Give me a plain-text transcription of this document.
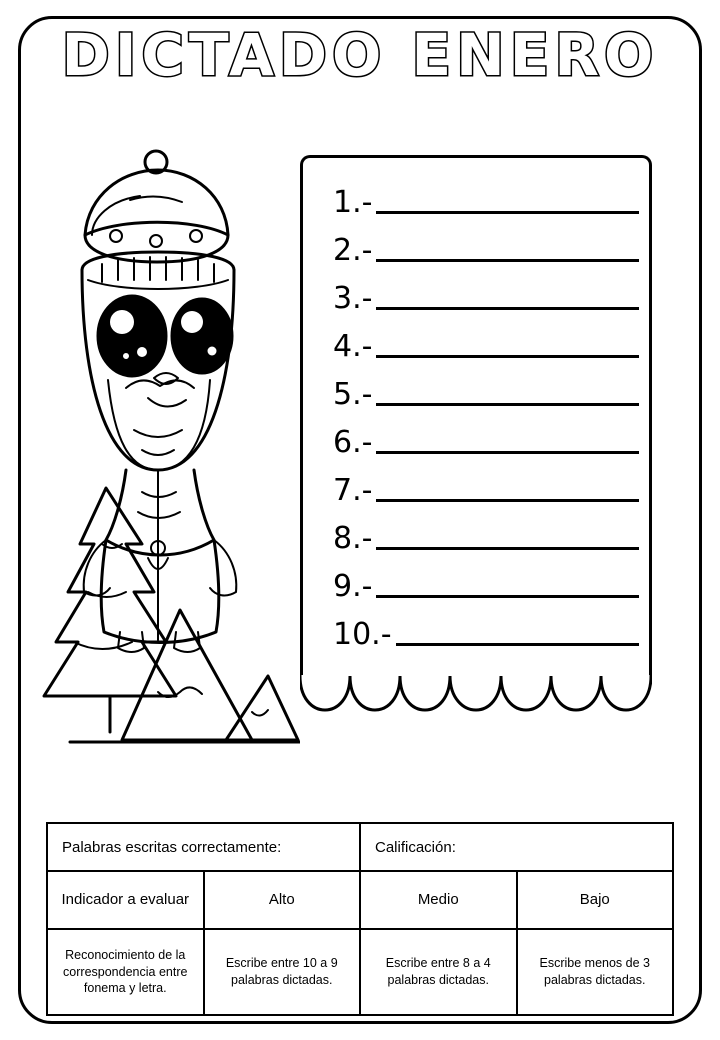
DICTADO ENERO
1.-
2.-
3.-
4.-
5.-
6.-
7.-
8.-
9.-
10.-
Palabras escritas correctamente:		Calificación:	
Indicador a evaluar	Alto	Medio	Bajo
Reconocimiento de la correspondencia entre fonema y letra.	Escribe entre 10 a 9 palabras dictadas.	Escribe entre 8 a 4 palabras dictadas.	Escribe menos de 3 palabras dictadas.
